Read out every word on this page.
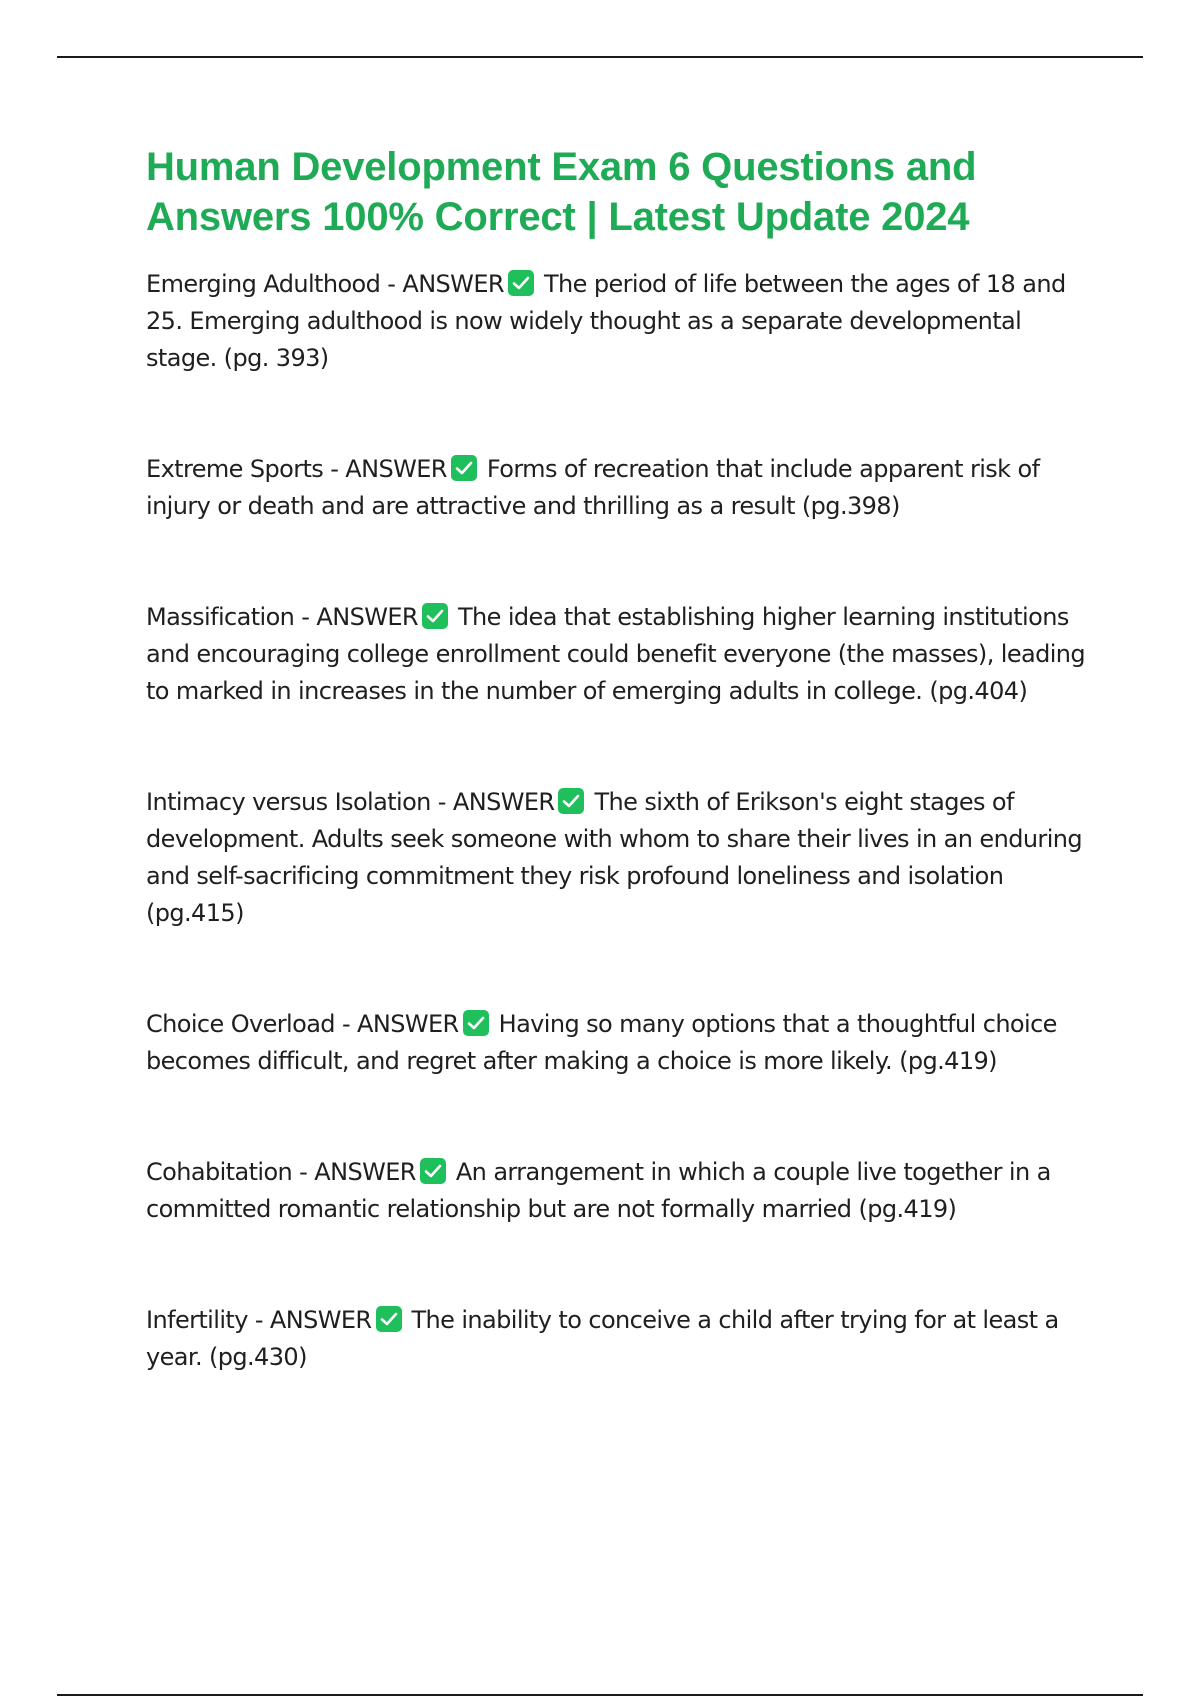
Human Development Exam 6 Questions and Answers 100% Correct | Latest Update 2024

Emerging Adulthood - ANSWER The period of life between the ages of 18 and 25. Emerging adulthood is now widely thought as a separate developmental stage. (pg. 393)

Extreme Sports - ANSWER Forms of recreation that include apparent risk of injury or death and are attractive and thrilling as a result (pg.398)

Massification - ANSWER The idea that establishing higher learning institutions and encouraging college enrollment could benefit everyone (the masses), leading to marked in increases in the number of emerging adults in college. (pg.404)

Intimacy versus Isolation - ANSWER The sixth of Erikson's eight stages of development. Adults seek someone with whom to share their lives in an enduring and self-sacrificing commitment they risk profound loneliness and isolation (pg.415)

Choice Overload - ANSWER Having so many options that a thoughtful choice becomes difficult, and regret after making a choice is more likely. (pg.419)

Cohabitation - ANSWER An arrangement in which a couple live together in a committed romantic relationship but are not formally married (pg.419)

Infertility - ANSWER The inability to conceive a child after trying for at least a year. (pg.430)
